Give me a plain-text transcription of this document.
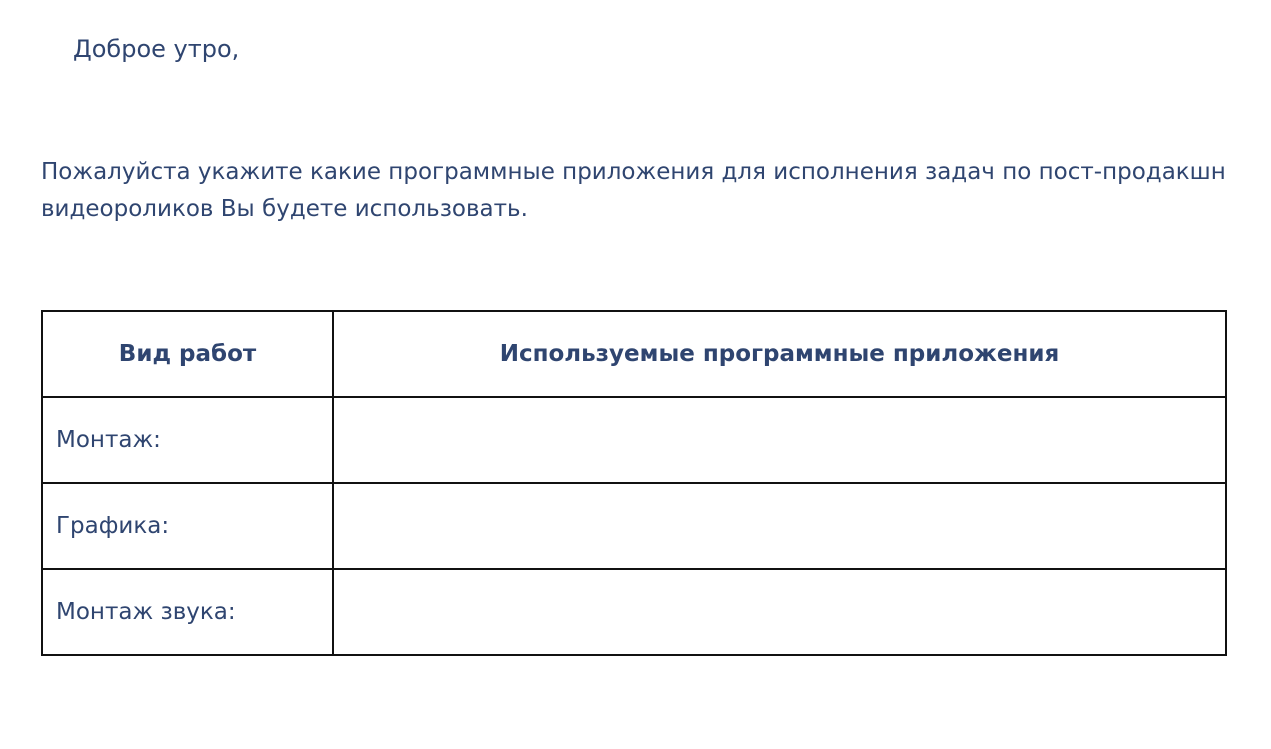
Доброе утро,

Пожалуйста укажите какие программные приложения для исполнения задач по пост-продакшн видеороликов Вы будете использовать.

Вид работ	Используемые программные приложения
Монтаж:	
Графика:	
Монтаж звука:	
